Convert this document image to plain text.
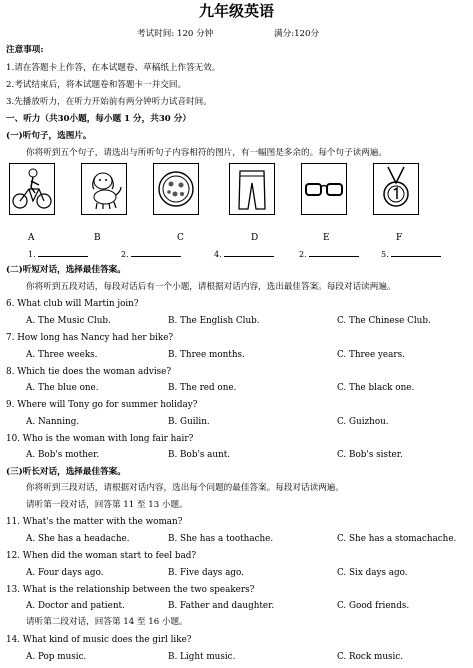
九年级英语
考试时间: 120 分钟	满分:120分
注意事项:
1.请在答题卡上作答，在本试题卷、草稿纸上作答无效。
2.考试结束后，将本试题卷和答题卡一并交回。
3.先播放听力，在听力开始前有两分钟听力试音时间。
一、听力（共30小题，每小题 1 分，共30 分）
(一)听句子，选图片。
你将听到五个句子，请选出与所听句子内容相符的图片，有一幅图是多余的。每个句子读两遍。
A	B	C	D	E	F
1.	2.	4.	2.	5.
(二)听短对话，选择最佳答案。
你将听到五段对话，每段对话后有一个小题，请根据对话内容，选出最佳答案。每段对话读两遍。
6. What club will Martin join?
A. The Music Club.	B. The English Club.	C. The Chinese Club.
7. How long has Nancy had her bike?
A. Three weeks.	B. Three months.	C. Three years.
8. Which tie does the woman advise?
A. The blue one.	B. The red one.	C. The black one.
9. Where will Tony go for summer holiday?
A. Nanning.	B. Guilin.	C. Guizhou.
10. Who is the woman with long fair hair?
A. Bob's mother.	B. Bob's aunt.	C. Bob's sister.
(三)听长对话，选择最佳答案。
你将听到三段对话，请根据对话内容，选出每个问题的最佳答案。每段对话读两遍。
请听第一段对话，回答第 11 至 13 小题。
11. What's the matter with the woman?
A. She has a headache.	B. She has a toothache.	C. She has a stomachache.
12. When did the woman start to feel bad?
A. Four days ago.	B. Five days ago.	C. Six days ago.
13. What is the relationship between the two speakers?
A. Doctor and patient.	B. Father and daughter.	C. Good friends.
请听第二段对话，回答第 14 至 16 小题。
14. What kind of music does the girl like?
A. Pop music.	B. Light music.	C. Rock music.
